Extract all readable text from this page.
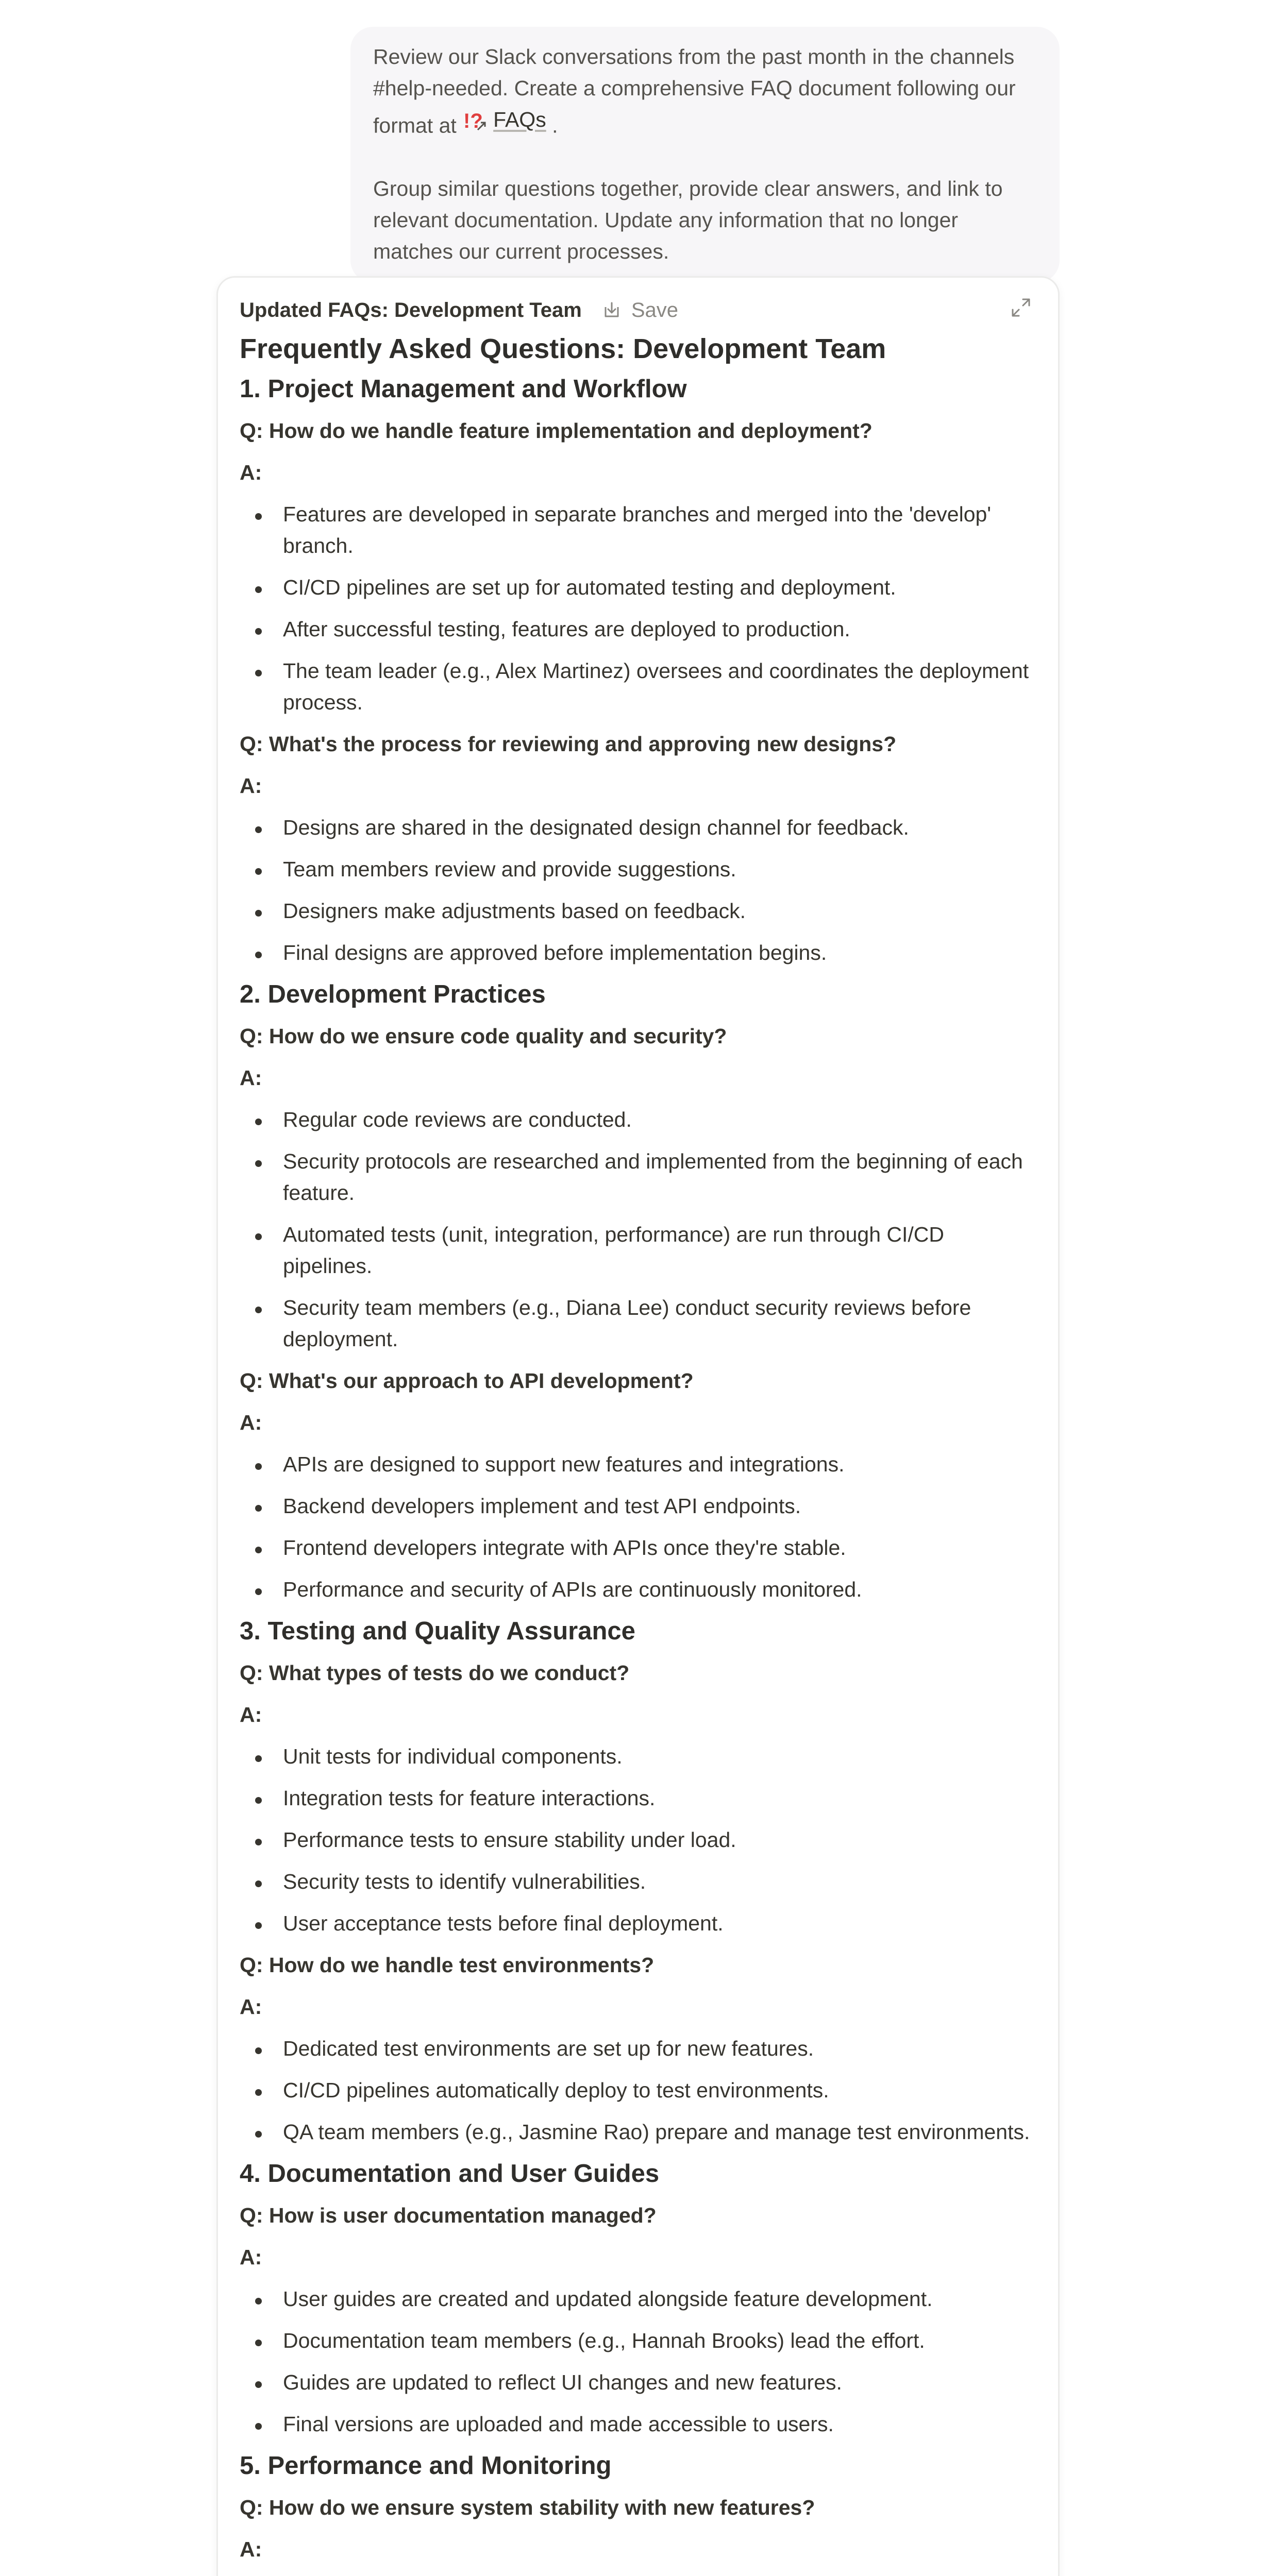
Review our Slack conversations from the past month in the channels

#help-needed. Create a comprehensive FAQ document following our

format at !? FAQs .

Group similar questions together, provide clear answers, and link to

relevant documentation. Update any information that no longer

matches our current processes.

Updated FAQs: Development Team Save
Frequently Asked Questions: Development Team
1. Project Management and Workflow

Q: How do we handle feature implementation and deployment?

A:

Features are developed in separate branches and merged into the 'develop' branch.
CI/CD pipelines are set up for automated testing and deployment.
After successful testing, features are deployed to production.
The team leader (e.g., Alex Martinez) oversees and coordinates the deployment process.

Q: What's the process for reviewing and approving new designs?

A:

Designs are shared in the designated design channel for feedback.
Team members review and provide suggestions.
Designers make adjustments based on feedback.
Final designs are approved before implementation begins.
2. Development Practices

Q: How do we ensure code quality and security?

A:

Regular code reviews are conducted.
Security protocols are researched and implemented from the beginning of each feature.
Automated tests (unit, integration, performance) are run through CI/CD pipelines.
Security team members (e.g., Diana Lee) conduct security reviews before deployment.

Q: What's our approach to API development?

A:

APIs are designed to support new features and integrations.
Backend developers implement and test API endpoints.
Frontend developers integrate with APIs once they're stable.
Performance and security of APIs are continuously monitored.
3. Testing and Quality Assurance

Q: What types of tests do we conduct?

A:

Unit tests for individual components.
Integration tests for feature interactions.
Performance tests to ensure stability under load.
Security tests to identify vulnerabilities.
User acceptance tests before final deployment.

Q: How do we handle test environments?

A:

Dedicated test environments are set up for new features.
CI/CD pipelines automatically deploy to test environments.
QA team members (e.g., Jasmine Rao) prepare and manage test environments.
4. Documentation and User Guides

Q: How is user documentation managed?

A:

User guides are created and updated alongside feature development.
Documentation team members (e.g., Hannah Brooks) lead the effort.
Guides are updated to reflect UI changes and new features.
Final versions are uploaded and made accessible to users.
5. Performance and Monitoring

Q: How do we ensure system stability with new features?

A:
